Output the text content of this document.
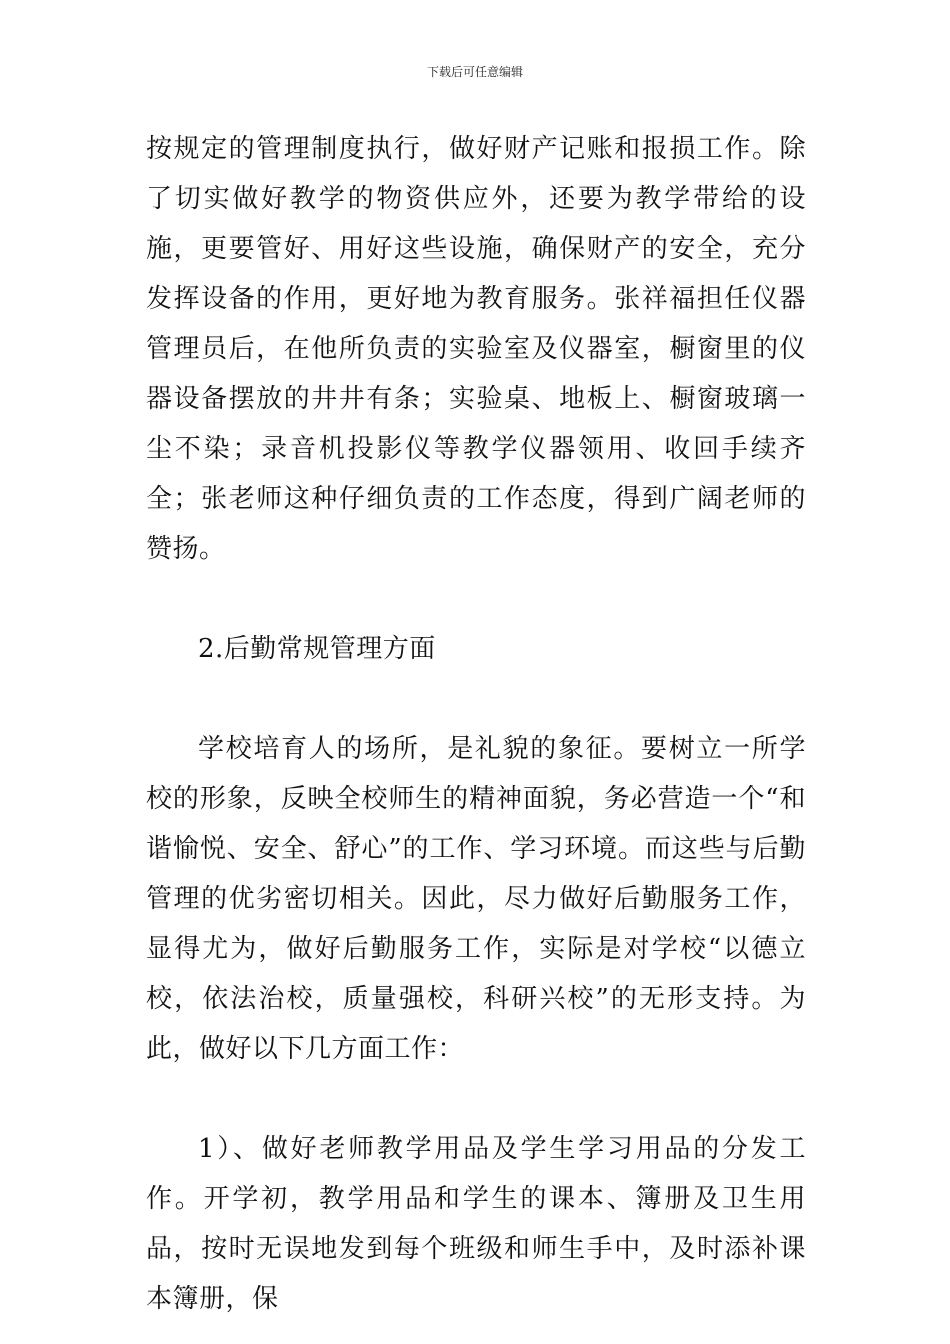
下载后可任意编辑

按规定的管理制度执行，做好财产记账和报损工作。除了切实做好教学的物资供应外，还要为教学带给的设施，更要管好、用好这些设施，确保财产的安全，充分发挥设备的作用，更好地为教育服务。张祥福担任仪器管理员后，在他所负责的实验室及仪器室，橱窗里的仪器设备摆放的井井有条；实验桌、地板上、橱窗玻璃一尘不染；录音机投影仪等教学仪器领用、收回手续齐全；张老师这种仔细负责的工作态度，得到广阔老师的赞扬。

2.后勤常规管理方面

学校培育人的场所，是礼貌的象征。要树立一所学校的形象，反映全校师生的精神面貌，务必营造一个“和谐愉悦、安全、舒心”的工作、学习环境。而这些与后勤管理的优劣密切相关。因此，尽力做好后勤服务工作，显得尤为，做好后勤服务工作，实际是对学校“以德立校，依法治校，质量强校，科研兴校”的无形支持。为此，做好以下几方面工作：

1）、做好老师教学用品及学生学习用品的分发工作。开学初，教学用品和学生的课本、簿册及卫生用品，按时无误地发到每个班级和师生手中，及时添补课本簿册，保
